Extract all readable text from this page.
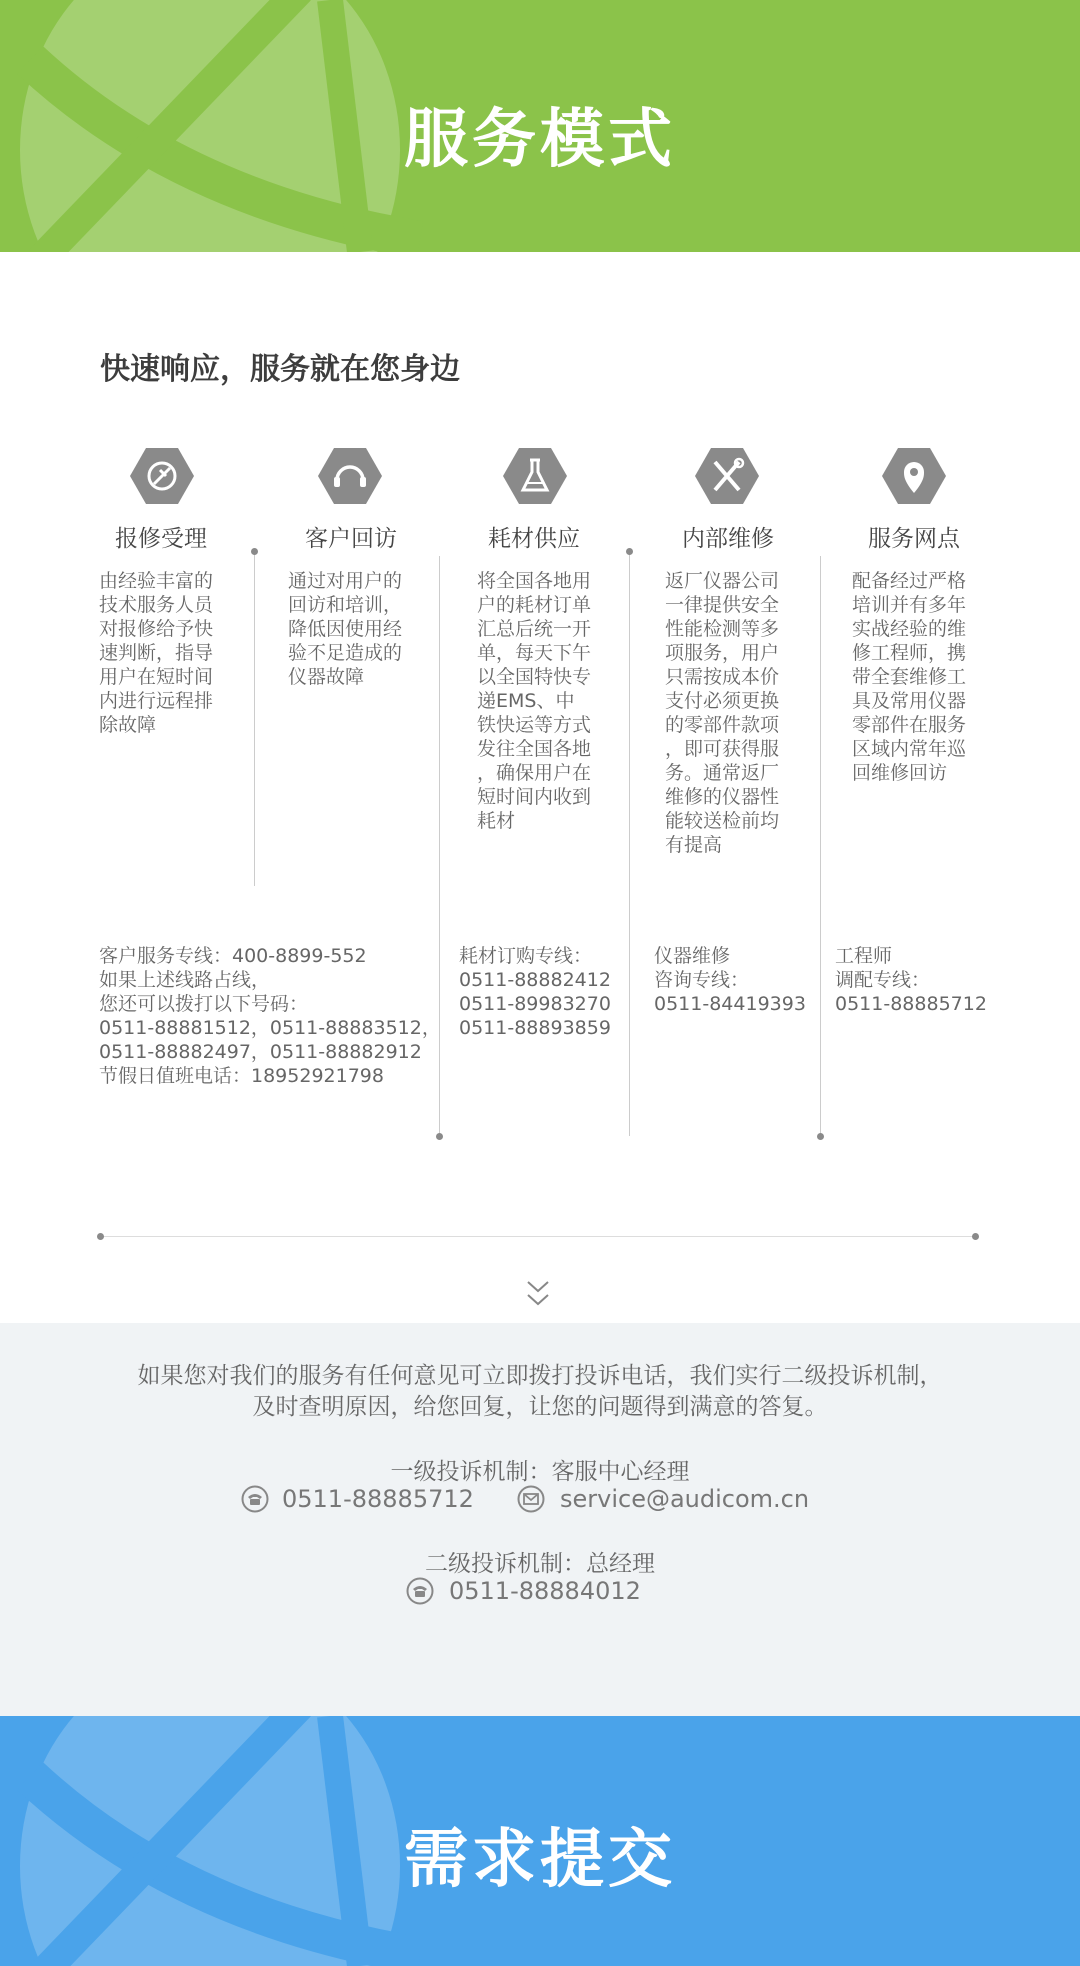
服务模式
快速响应，服务就在您身边
报修受理	客户回访	耗材供应	内部维修	服务网点
由经验丰富的
技术服务人员
对报修给予快
速判断，指导
用户在短时间
内进行远程排
除故障
通过对用户的
回访和培训，
降低因使用经
验不足造成的
仪器故障
将全国各地用
户的耗材订单
汇总后统一开
单，每天下午
以全国特快专
递EMS、中
铁快运等方式
发往全国各地
，确保用户在
短时间内收到
耗材
返厂仪器公司
一律提供安全
性能检测等多
项服务，用户
只需按成本价
支付必须更换
的零部件款项
，即可获得服
务。通常返厂
维修的仪器性
能较送检前均
有提高
配备经过严格
培训并有多年
实战经验的维
修工程师，携
带全套维修工
具及常用仪器
零部件在服务
区域内常年巡
回维修回访
客户服务专线：400-8899-552
如果上述线路占线，
您还可以拨打以下号码：
0511-88881512，0511-88883512，
0511-88882497，0511-88882912
节假日值班电话：18952921798
耗材订购专线：
0511-88882412
0511-89983270
0511-88893859
仪器维修
咨询专线：
0511-84419393
工程师
调配专线：
0511-88885712
如果您对我们的服务有任何意见可立即拨打投诉电话，我们实行二级投诉机制，
及时查明原因，给您回复，让您的问题得到满意的答复。
一级投诉机制：客服中心经理
0511-88885712	service@audicom.cn
二级投诉机制：总经理
0511-88884012
需求提交
